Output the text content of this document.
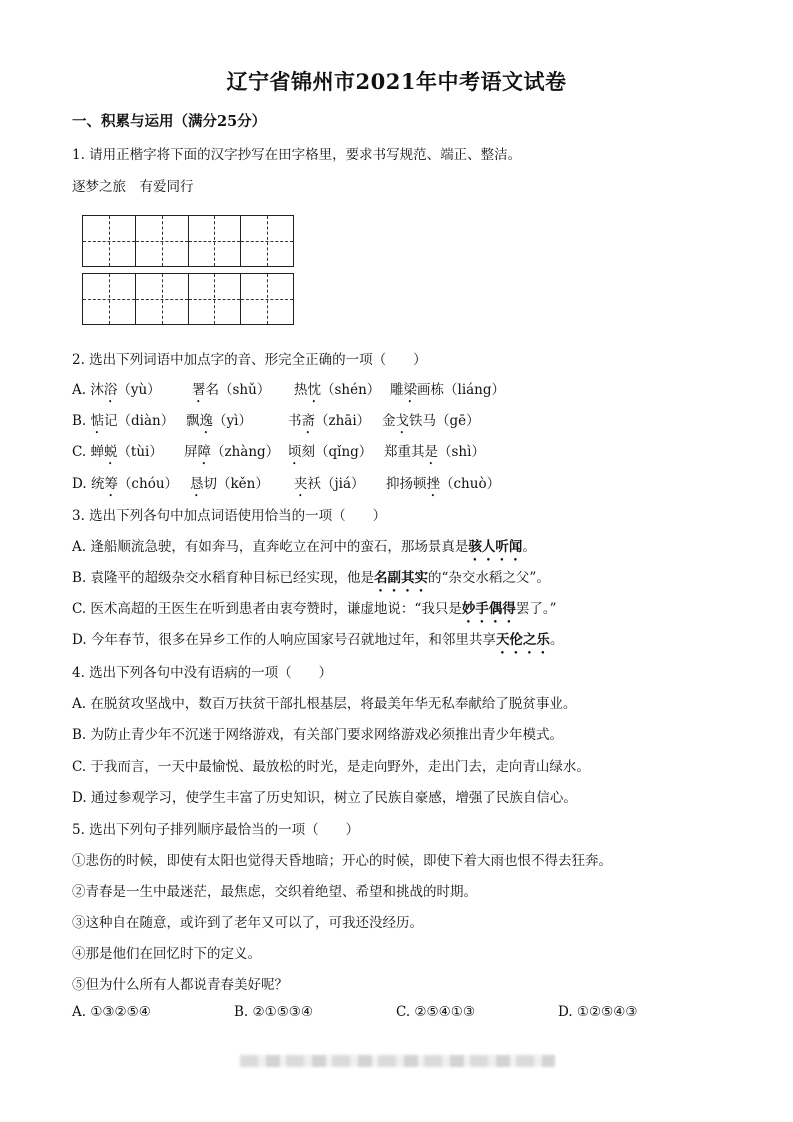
辽宁省锦州市2021年中考语文试卷
一、积累与运用（满分25分）
1. 请用正楷字将下面的汉字抄写在田字格里，要求书写规范、端正、整洁。
逐梦之旅　有爱同行
2. 选出下列词语中加点字的音、形完全正确的一项（　　）
A. 沐浴（yù） 署名（shǔ） 热忱（shén） 雕梁画栋（liáng）
B. 惦记（diàn） 飘逸（yì）	书斋（zhāi） 金戈铁马（gē）
C. 蝉蜕（tùi） 屏障（zhàng） 顷刻（qǐng） 郑重其是（shì）
D. 统筹（chóu） 恳切（kěn） 夹袄（jiá） 抑扬顿挫（chuò）
3. 选出下列各句中加点词语使用恰当的一项（　　）
A. 逢船顺流急驶，有如奔马，直奔屹立在河中的蛮石，那场景真是骇人听闻。
B. 袁隆平的超级杂交水稻育种目标已经实现，他是名副其实的“杂交水稻之父”。
C. 医术高超的王医生在听到患者由衷夸赞时，谦虚地说：“我只是妙手偶得罢了。”
D. 今年春节，很多在异乡工作的人响应国家号召就地过年，和邻里共享天伦之乐。
4. 选出下列各句中没有语病的一项（　　）
A. 在脱贫攻坚战中，数百万扶贫干部扎根基层，将最美年华无私奉献给了脱贫事业。
B. 为防止青少年不沉迷于网络游戏，有关部门要求网络游戏必须推出青少年模式。
C. 于我而言，一天中最愉悦、最放松的时光，是走向野外，走出门去，走向青山绿水。
D. 通过参观学习，使学生丰富了历史知识，树立了民族自豪感，增强了民族自信心。
5. 选出下列句子排列顺序最恰当的一项（　　）
①悲伤的时候，即使有太阳也觉得天昏地暗；开心的时候，即使下着大雨也恨不得去狂奔。
②青春是一生中最迷茫，最焦虑，交织着绝望、希望和挑战的时期。
③这种自在随意，或许到了老年又可以了，可我还没经历。
④那是他们在回忆时下的定义。
⑤但为什么所有人都说青春美好呢？
A. ①③②⑤④	B. ②①⑤③④	C. ②⑤④①③	D. ①②⑤④③
